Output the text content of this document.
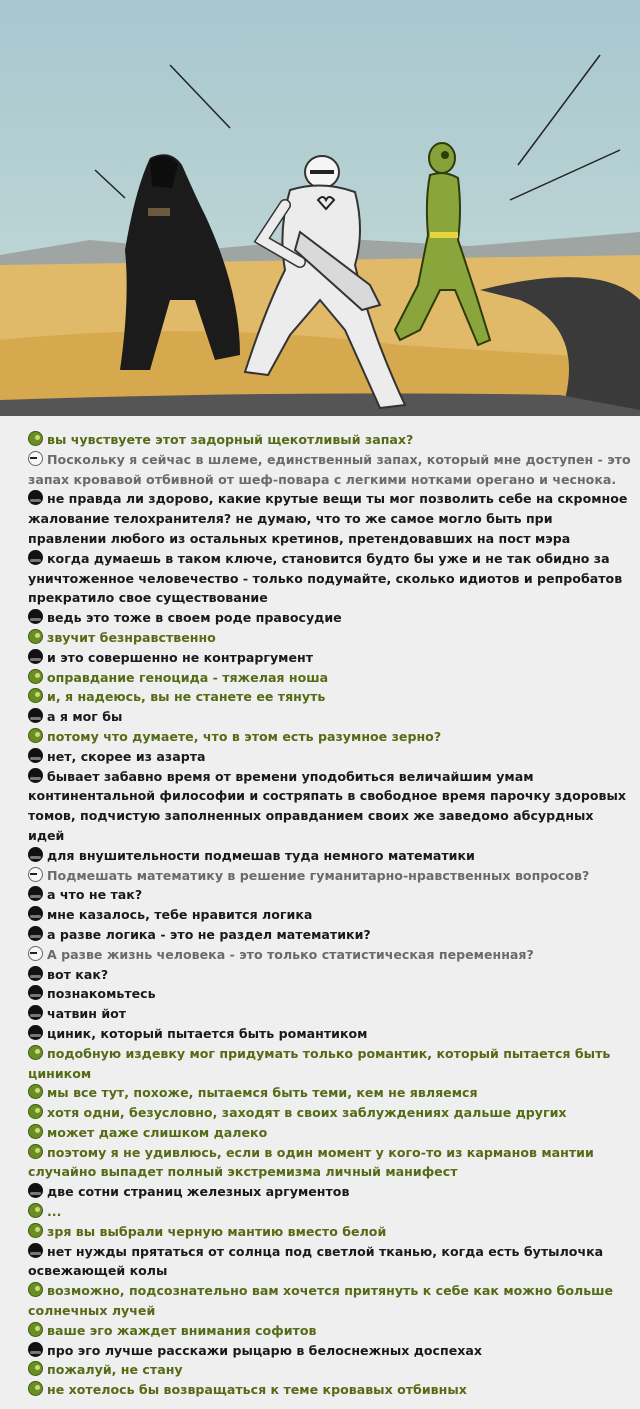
вы чувствуете этот задорный щекотливый запах?
Поскольку я сейчас в шлеме, единственный запах, который мне доступен - это запах кровавой отбивной от шеф-повара с легкими нотками орегано и чеснока.
не правда ли здорово, какие крутые вещи ты мог позволить себе на скромное жалование телохранителя? не думаю, что то же самое могло быть при правлении любого из остальных кретинов, претендовавших на пост мэра
когда думаешь в таком ключе, становится будто бы уже и не так обидно за уничтоженное человечество - только подумайте, сколько идиотов и репробатов прекратило свое существование
ведь это тоже в своем роде правосудие
звучит безнравственно
и это совершенно не контраргумент
оправдание геноцида - тяжелая ноша
и, я надеюсь, вы не станете ее тянуть
а я мог бы
потому что думаете, что в этом есть разумное зерно?
нет, скорее из азарта
бывает забавно время от времени уподобиться величайшим умам континентальной философии и состряпать в свободное время парочку здоровых томов, подчистую заполненных оправданием своих же заведомо абсурдных идей
для внушительности подмешав туда немного математики
Подмешать математику в решение гуманитарно-нравственных вопросов?
а что не так?
мне казалось, тебе нравится логика
а разве логика - это не раздел математики?
А разве жизнь человека - это только статистическая переменная?
вот как?
познакомьтесь
чатвин йот
циник, который пытается быть романтиком
подобную издевку мог придумать только романтик, который пытается быть циником
мы все тут, похоже, пытаемся быть теми, кем не являемся
хотя одни, безусловно, заходят в своих заблуждениях дальше других
может даже слишком далеко
поэтому я не удивлюсь, если в один момент у кого-то из карманов мантии случайно выпадет полный экстремизма личный манифест
две сотни страниц железных аргументов
...
зря вы выбрали черную мантию вместо белой
нет нужды прятаться от солнца под светлой тканью, когда есть бутылочка освежающей колы
возможно, подсознательно вам хочется притянуть к себе как можно больше солнечных лучей
ваше эго жаждет внимания софитов
про эго лучше расскажи рыцарю в белоснежных доспехах
пожалуй, не стану
не хотелось бы возвращаться к теме кровавых отбивных
